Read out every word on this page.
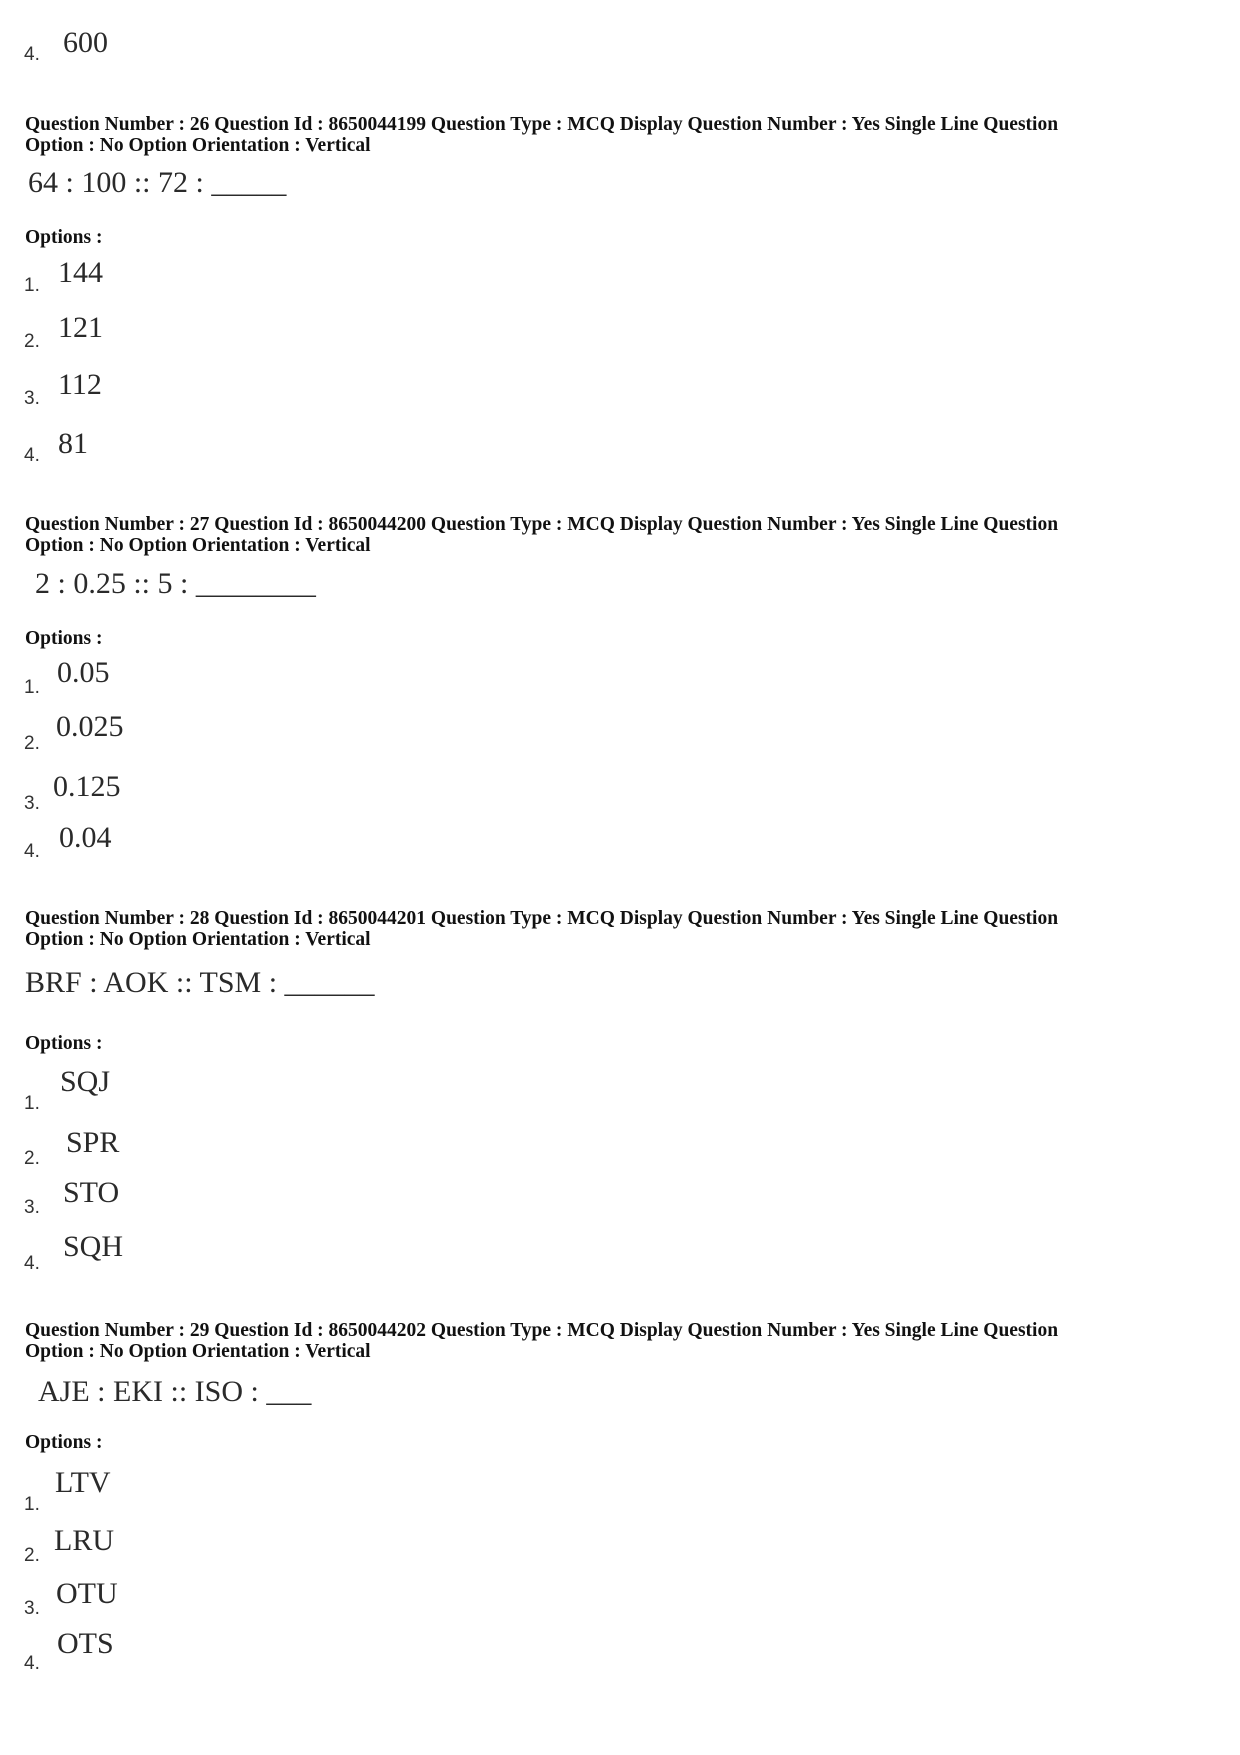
4. 600
Question Number : 26 Question Id : 8650044199 Question Type : MCQ Display Question Number : Yes Single Line Question
Option : No Option Orientation : Vertical
64 : 100 :: 72 : _____
Options :
1. 144
2. 121
3. 112
4. 81
Question Number : 27 Question Id : 8650044200 Question Type : MCQ Display Question Number : Yes Single Line Question
Option : No Option Orientation : Vertical
2 : 0.25 :: 5 : ________
Options :
1. 0.05
2.
0.025
3.
0.125
4. 0.04
Question Number : 28 Question Id : 8650044201 Question Type : MCQ Display Question Number : Yes Single Line Question
Option : No Option Orientation : Vertical
BRF : AOK :: TSM : ______
Options :
1.
SQJ
2. SPR
3. STO
4.
SQH
Question Number : 29 Question Id : 8650044202 Question Type : MCQ Display Question Number : Yes Single Line Question
Option : No Option Orientation : Vertical
AJE : EKI :: ISO : ___
Options :
1.
LTV
2. LRU
3. OTU
4.
OTS
